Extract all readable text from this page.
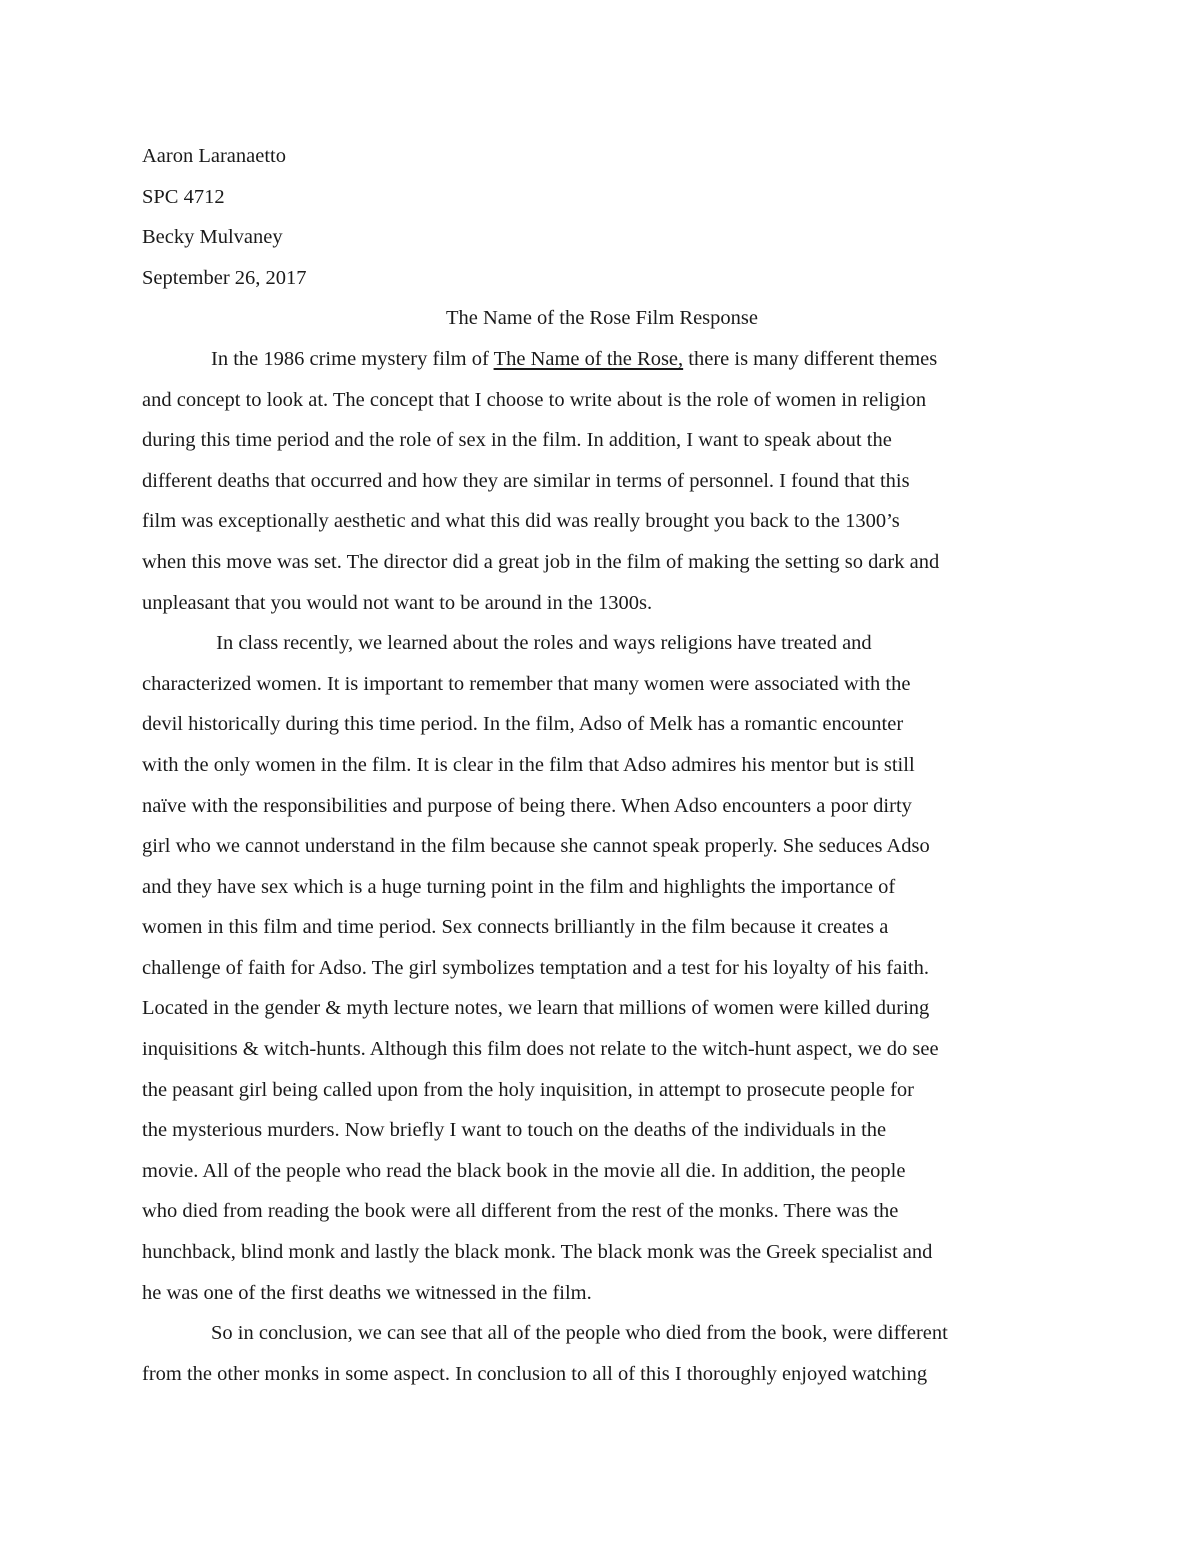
Aaron Laranaetto
SPC 4712
Becky Mulvaney
September 26, 2017
The Name of the Rose Film Response
In the 1986 crime mystery film of The Name of the Rose, there is many different themes
and concept to look at. The concept that I choose to write about is the role of women in religion
during this time period and the role of sex in the film. In addition, I want to speak about the
different deaths that occurred and how they are similar in terms of personnel. I found that this
film was exceptionally aesthetic and what this did was really brought you back to the 1300’s
when this move was set. The director did a great job in the film of making the setting so dark and
unpleasant that you would not want to be around in the 1300s.
In class recently, we learned about the roles and ways religions have treated and
characterized women. It is important to remember that many women were associated with the
devil historically during this time period. In the film, Adso of Melk has a romantic encounter
with the only women in the film. It is clear in the film that Adso admires his mentor but is still
naïve with the responsibilities and purpose of being there. When Adso encounters a poor dirty
girl who we cannot understand in the film because she cannot speak properly. She seduces Adso
and they have sex which is a huge turning point in the film and highlights the importance of
women in this film and time period. Sex connects brilliantly in the film because it creates a
challenge of faith for Adso. The girl symbolizes temptation and a test for his loyalty of his faith.
Located in the gender & myth lecture notes, we learn that millions of women were killed during
inquisitions & witch-hunts. Although this film does not relate to the witch-hunt aspect, we do see
the peasant girl being called upon from the holy inquisition, in attempt to prosecute people for
the mysterious murders. Now briefly I want to touch on the deaths of the individuals in the
movie. All of the people who read the black book in the movie all die. In addition, the people
who died from reading the book were all different from the rest of the monks. There was the
hunchback, blind monk and lastly the black monk. The black monk was the Greek specialist and
he was one of the first deaths we witnessed in the film.
So in conclusion, we can see that all of the people who died from the book, were different
from the other monks in some aspect. In conclusion to all of this I thoroughly enjoyed watching
